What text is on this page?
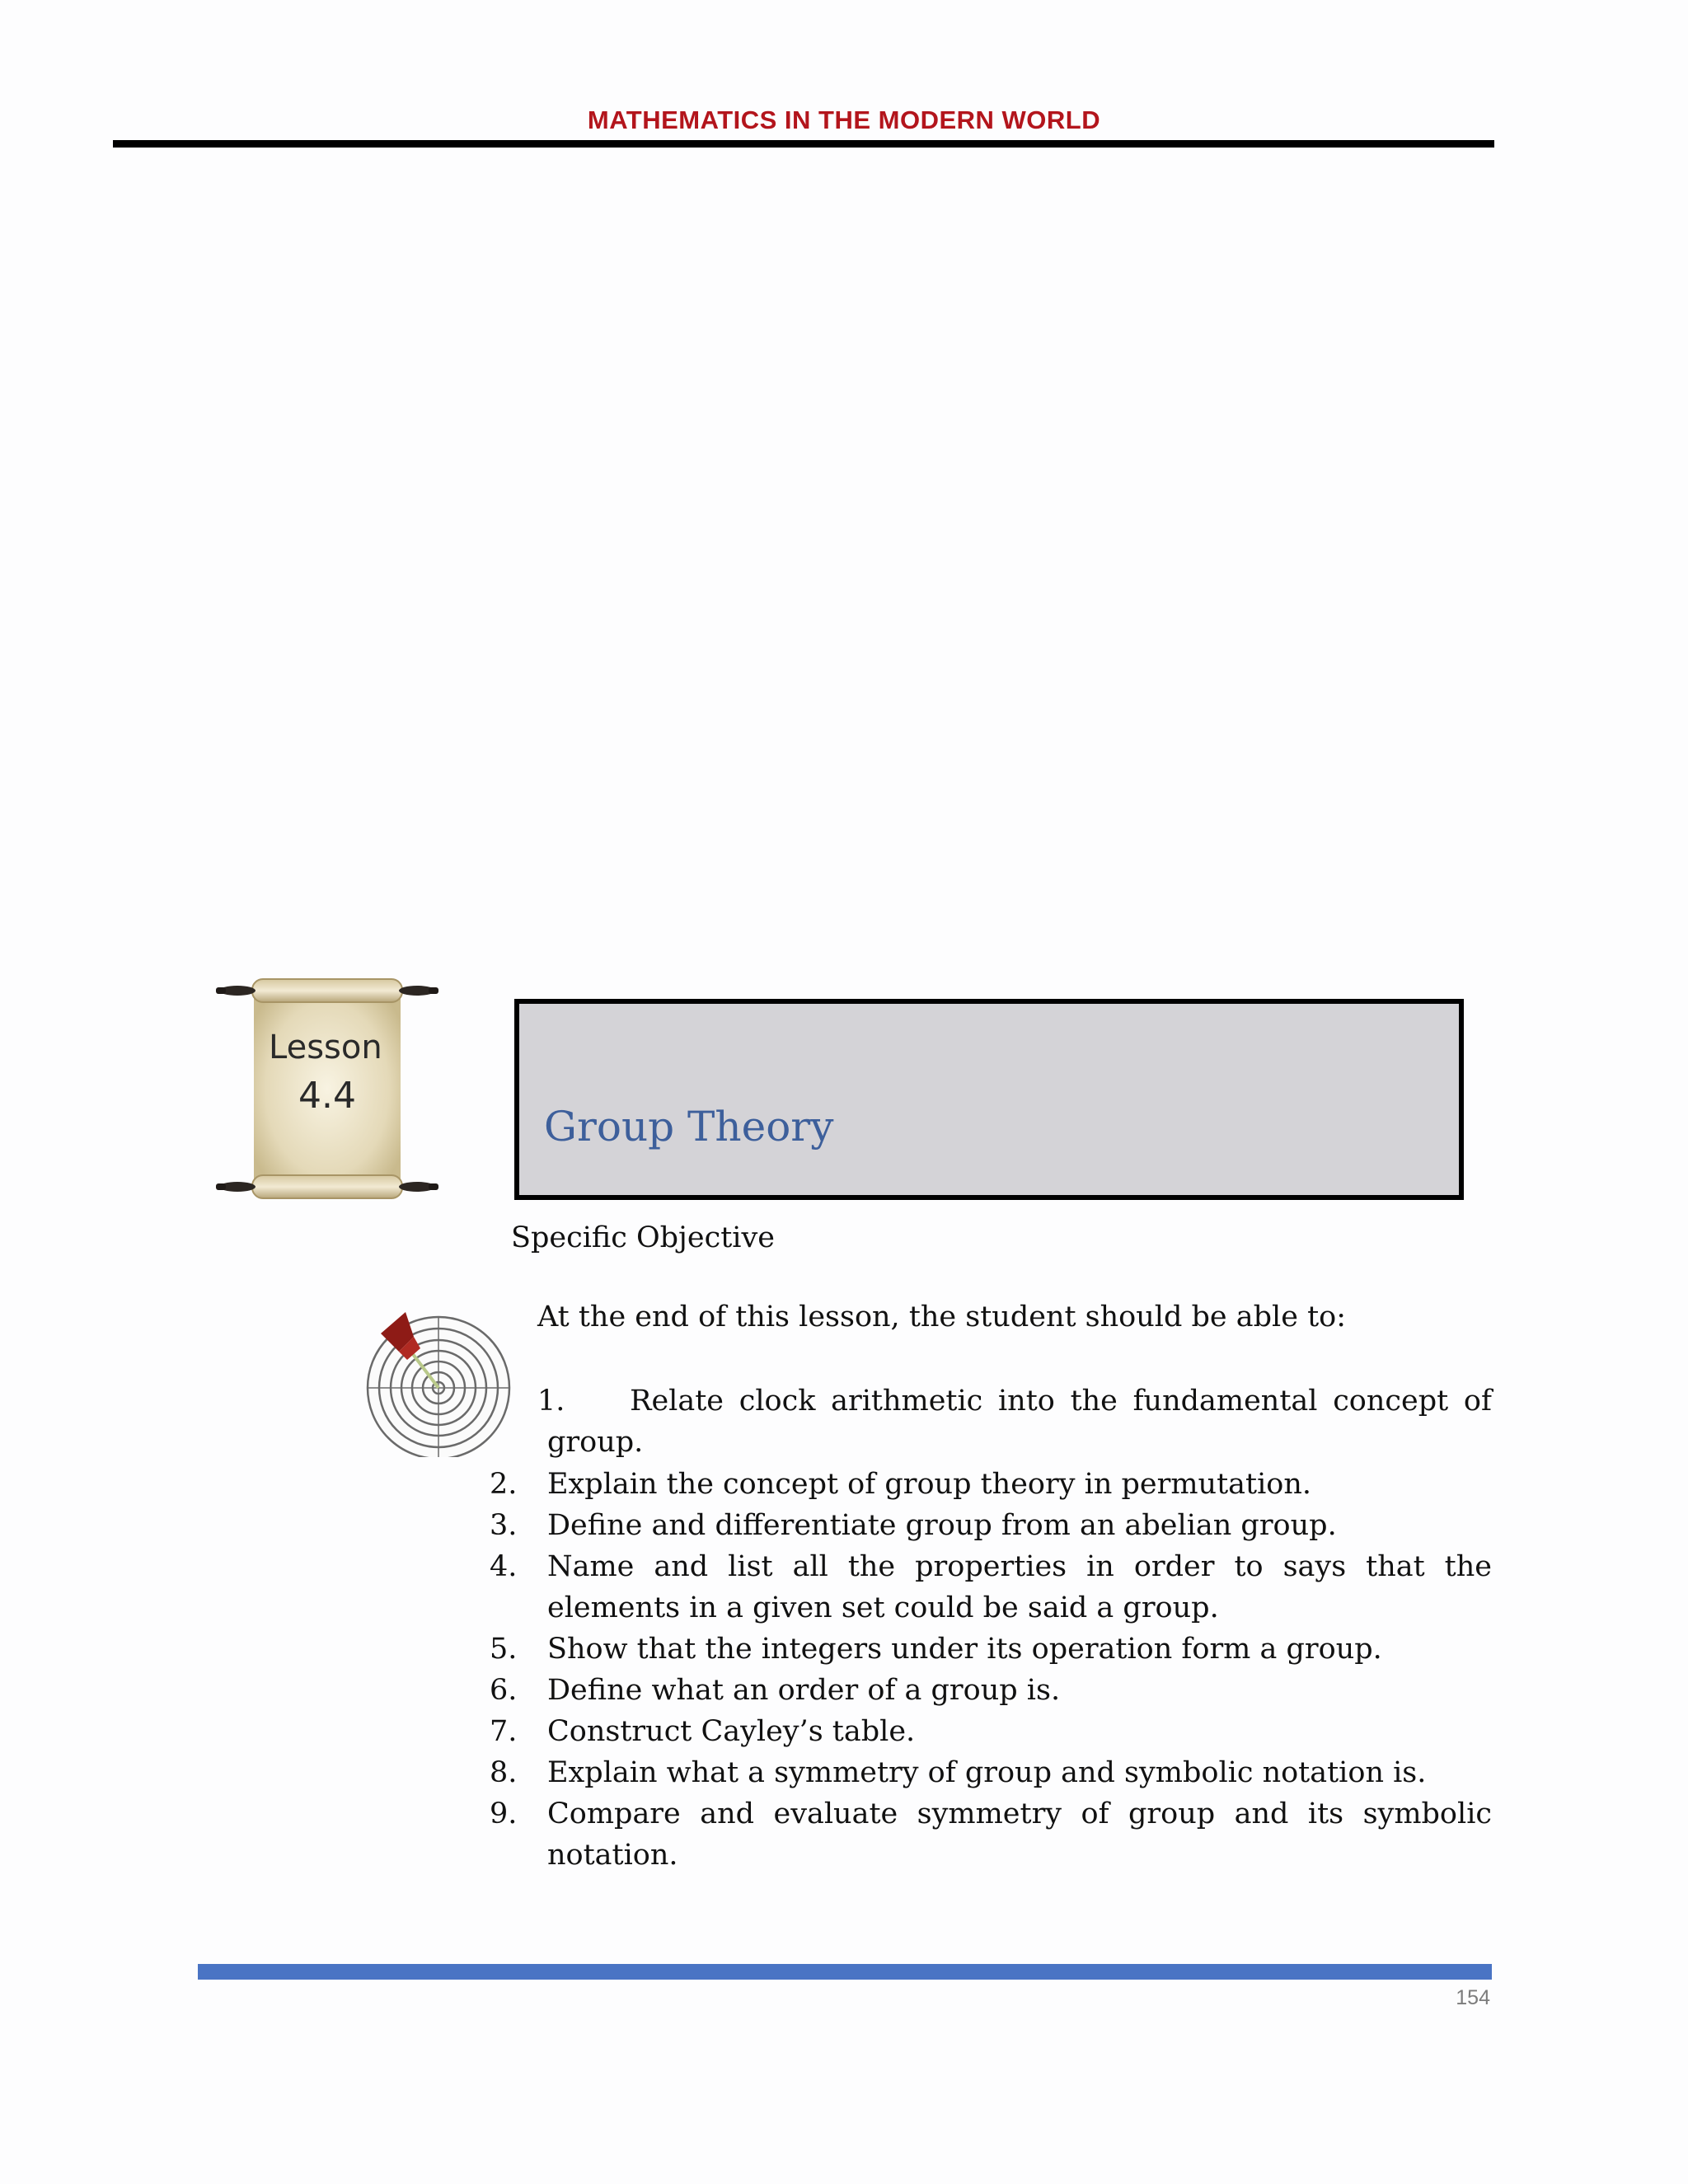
MATHEMATICS IN THE MODERN WORLD
Lesson
4.4
Group Theory
Specific Objective
At the end of this lesson, the student should be able to:
1. Relate clock arithmetic into the fundamental concept of
group.
2.	Explain the concept of group theory in permutation.
3.	Define and differentiate group from an abelian group.
4.	Name and list all the properties in order to says that the elements in a given set could be said a group.
5.	Show that the integers under its operation form a group.
6.	Define what an order of a group is.
7.	Construct Cayley’s table.
8.	Explain what a symmetry of group and symbolic notation is.
9.	Compare and evaluate symmetry of group and its symbolic notation.
154
